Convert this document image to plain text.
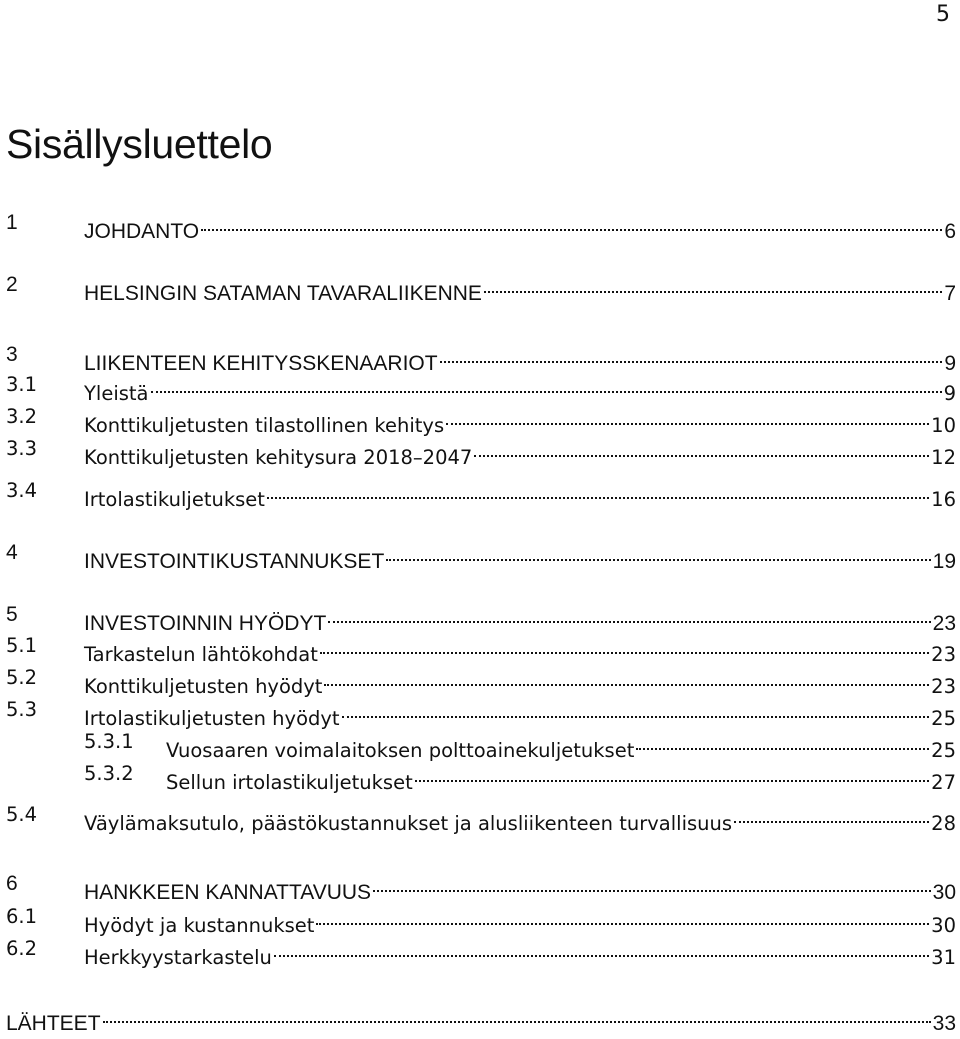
5
Sisällysluettelo
1	JOHDANTO	6
2	HELSINGIN SATAMAN TAVARALIIKENNE	7
3	LIIKENTEEN KEHITYSSKENAARIOT	9
3.1 Yleistä	9
3.2 Konttikuljetusten tilastollinen kehitys	10
3.3 Konttikuljetusten kehitysura 2018–2047	12
3.4 Irtolastikuljetukset	16
4	INVESTOINTIKUSTANNUKSET	19
5	INVESTOINNIN HYÖDYT	23
5.1 Tarkastelun lähtökohdat	23
5.2 Konttikuljetusten hyödyt	23
5.3 Irtolastikuljetusten hyödyt	25
5.3.1 Vuosaaren voimalaitoksen polttoainekuljetukset	25
5.3.2 Sellun irtolastikuljetukset	27
5.4 Väylämaksutulo, päästökustannukset ja alusliikenteen turvallisuus	28
6	HANKKEEN KANNATTAVUUS	30
6.1 Hyödyt ja kustannukset	30
6.2 Herkkyystarkastelu	31
LÄHTEET	33
